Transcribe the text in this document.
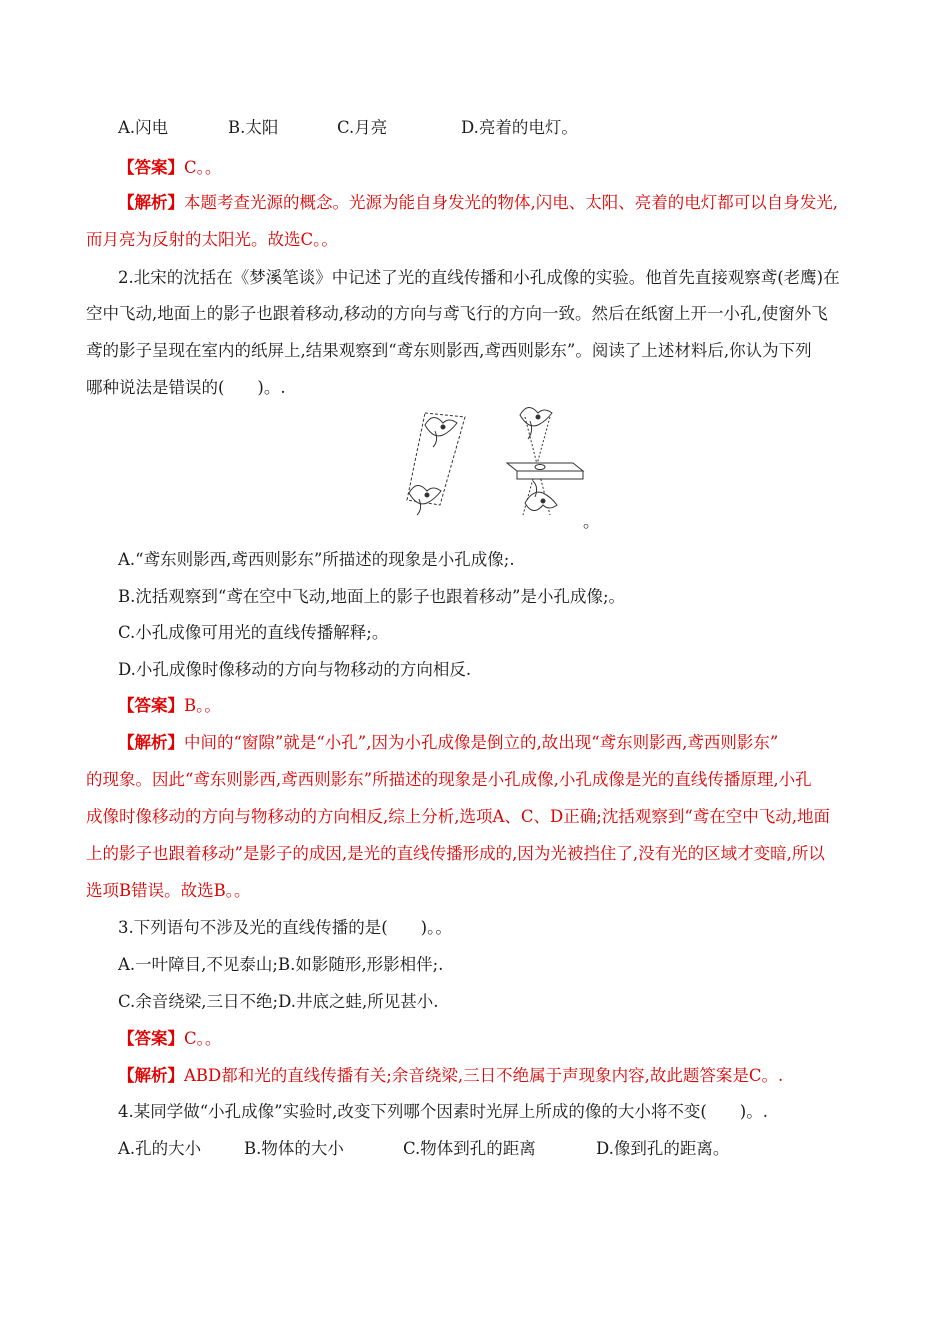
A.闪电	B.太阳	C.月亮	D.亮着的电灯。
【答案】C。。
【解析】本题考查光源的概念。光源为能自身发光的物体,闪电、太阳、亮着的电灯都可以自身发光,
而月亮为反射的太阳光。故选C。。
2.北宋的沈括在《梦溪笔谈》中记述了光的直线传播和小孔成像的实验。他首先直接观察鸢(老鹰)在
空中飞动,地面上的影子也跟着移动,移动的方向与鸢飞行的方向一致。然后在纸窗上开一小孔,使窗外飞
鸢的影子呈现在室内的纸屏上,结果观察到“鸢东则影西,鸢西则影东”。阅读了上述材料后,你认为下列
哪种说法是错误的(　　)。.
。
A.“鸢东则影西,鸢西则影东”所描述的现象是小孔成像;.
B.沈括观察到“鸢在空中飞动,地面上的影子也跟着移动”是小孔成像;。
C.小孔成像可用光的直线传播解释;。
D.小孔成像时像移动的方向与物移动的方向相反.
【答案】B。。
【解析】中间的“窗隙”就是“小孔”,因为小孔成像是倒立的,故出现“鸢东则影西,鸢西则影东”
的现象。因此“鸢东则影西,鸢西则影东”所描述的现象是小孔成像,小孔成像是光的直线传播原理,小孔
成像时像移动的方向与物移动的方向相反,综上分析,选项A、C、D正确;沈括观察到“鸢在空中飞动,地面
上的影子也跟着移动”是影子的成因,是光的直线传播形成的,因为光被挡住了,没有光的区域才变暗,所以
选项B错误。故选B。。
3.下列语句不涉及光的直线传播的是(　　)。。
A.一叶障目,不见泰山;B.如影随形,形影相伴;.
C.余音绕梁,三日不绝;D.井底之蛙,所见甚小.
【答案】C。。
【解析】ABD都和光的直线传播有关;余音绕梁,三日不绝属于声现象内容,故此题答案是C。.
4.某同学做“小孔成像”实验时,改变下列哪个因素时光屏上所成的像的大小将不变(　　)。.
A.孔的大小	B.物体的大小	C.物体到孔的距离	D.像到孔的距离。
